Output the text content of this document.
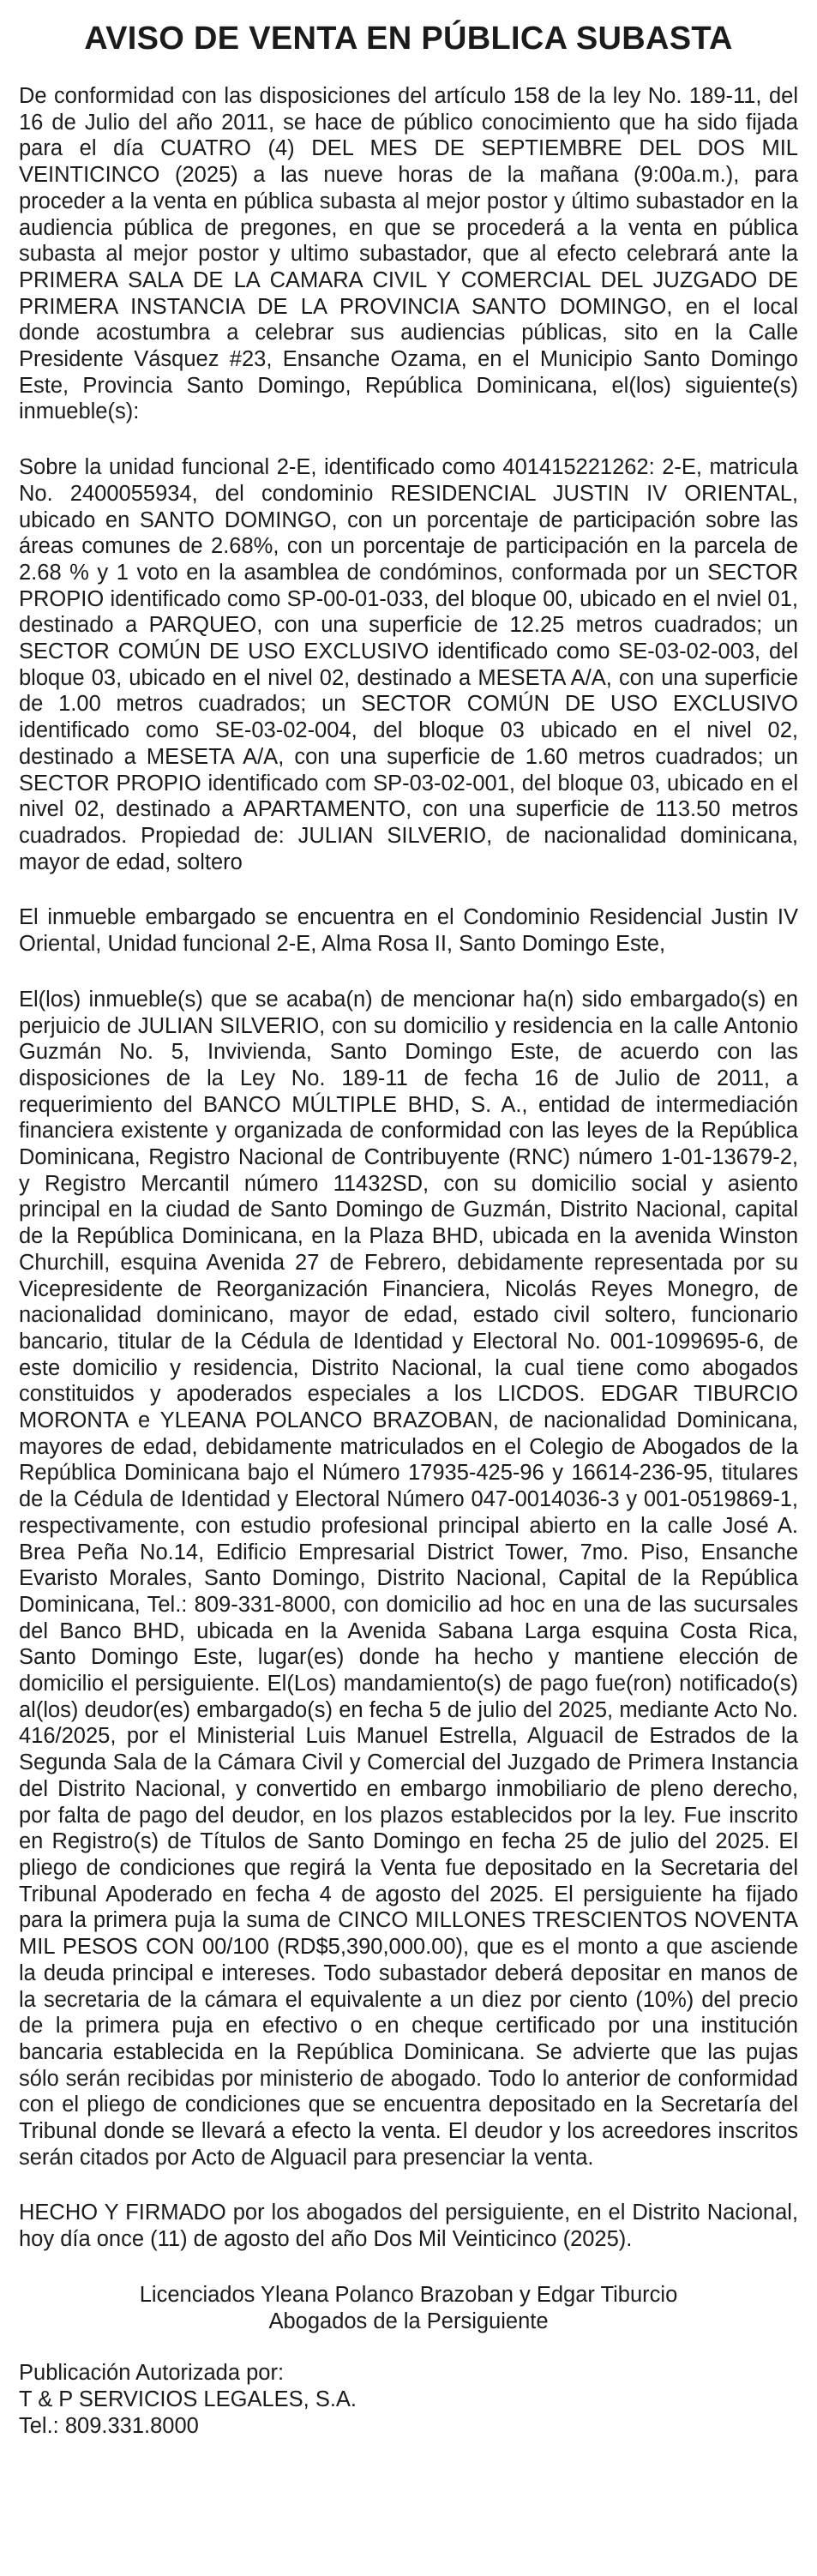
AVISO DE VENTA EN PÚBLICA SUBASTA

De conformidad con las disposiciones del artículo 158 de la ley No. 189-11, del 16 de Julio del año 2011, se hace de público conocimiento que ha sido fijada para el día CUATRO (4) DEL MES DE SEPTIEMBRE DEL DOS MIL VEINTICINCO (2025) a las nueve horas de la mañana (9:00a.m.), para proceder a la venta en pública subasta al mejor postor y último subastador en la audiencia pública de pregones, en que se procederá a la venta en pública subasta al mejor postor y ultimo subastador, que al efecto celebrará ante la PRIMERA SALA DE LA CAMARA CIVIL Y COMERCIAL DEL JUZGADO DE PRIMERA INSTANCIA DE LA PROVINCIA SANTO DOMINGO, en el local donde acostumbra a celebrar sus audiencias públicas, sito en la Calle Presidente Vásquez #23, Ensanche Ozama, en el Municipio Santo Domingo Este, Provincia Santo Domingo, República Dominicana, el(los) siguiente(s) inmueble(s):

Sobre la unidad funcional 2-E, identificado como 401415221262: 2-E, matricula No. 2400055934, del condominio RESIDENCIAL JUSTIN IV ORIENTAL, ubicado en SANTO DOMINGO, con un porcentaje de participación sobre las áreas comunes de 2.68%, con un porcentaje de participación en la parcela de 2.68 % y 1 voto en la asamblea de condóminos, conformada por un SECTOR PROPIO identificado como SP-00-01-033, del bloque 00, ubicado en el nviel 01, destinado a PARQUEO, con una superficie de 12.25 metros cuadrados; un SECTOR COMÚN DE USO EXCLUSIVO identificado como SE-03-02-003, del bloque 03, ubicado en el nivel 02, destinado a MESETA A/A, con una superficie de 1.00 metros cuadrados; un SECTOR COMÚN DE USO EXCLUSIVO identificado como SE-03-02-004, del bloque 03 ubicado en el nivel 02, destinado a MESETA A/A, con una superficie de 1.60 metros cuadrados; un SECTOR PROPIO identificado com SP-03-02-001, del bloque 03, ubicado en el nivel 02, destinado a APARTAMENTO, con una superficie de 113.50 metros cuadrados. Propiedad de: JULIAN SILVERIO, de nacionalidad dominicana, mayor de edad, soltero

El inmueble embargado se encuentra en el Condominio Residencial Justin IV Oriental, Unidad funcional 2-E, Alma Rosa II, Santo Domingo Este,

El(los) inmueble(s) que se acaba(n) de mencionar ha(n) sido embargado(s) en perjuicio de JULIAN SILVERIO, con su domicilio y residencia en la calle Antonio Guzmán No. 5, Invivienda, Santo Domingo Este, de acuerdo con las disposiciones de la Ley No. 189-11 de fecha 16 de Julio de 2011, a requerimiento del BANCO MÚLTIPLE BHD, S. A., entidad de intermediación financiera existente y organizada de conformidad con las leyes de la República Dominicana, Registro Nacional de Contribuyente (RNC) número 1-01-13679-2, y Registro Mercantil número 11432SD, con su domicilio social y asiento principal en la ciudad de Santo Domingo de Guzmán, Distrito Nacional, capital de la República Dominicana, en la Plaza BHD, ubicada en la avenida Winston Churchill, esquina Avenida 27 de Febrero, debidamente representada por su Vicepresidente de Reorganización Financiera, Nicolás Reyes Monegro, de nacionalidad dominicano, mayor de edad, estado civil soltero, funcionario bancario, titular de la Cédula de Identidad y Electoral No. 001-1099695-6, de este domicilio y residencia, Distrito Nacional, la cual tiene como abogados constituidos y apoderados especiales a los LICDOS. EDGAR TIBURCIO MORONTA e YLEANA POLANCO BRAZOBAN, de nacionalidad Dominicana, mayores de edad, debidamente matriculados en el Colegio de Abogados de la República Dominicana bajo el Número 17935-425-96 y 16614-236-95, titulares de la Cédula de Identidad y Electoral Número 047-0014036-3 y 001-0519869-1, respectivamente, con estudio profesional principal abierto en la calle José A. Brea Peña No.14, Edificio Empresarial District Tower, 7mo. Piso, Ensanche Evaristo Morales, Santo Domingo, Distrito Nacional, Capital de la República Dominicana, Tel.: 809-331-8000, con domicilio ad hoc en una de las sucursales del Banco BHD, ubicada en la Avenida Sabana Larga esquina Costa Rica, Santo Domingo Este, lugar(es) donde ha hecho y mantiene elección de domicilio el persiguiente. El(Los) mandamiento(s) de pago fue(ron) notificado(s) al(los) deudor(es) embargado(s) en fecha 5 de julio del 2025, mediante Acto No. 416/2025, por el Ministerial Luis Manuel Estrella, Alguacil de Estrados de la Segunda Sala de la Cámara Civil y Comercial del Juzgado de Primera Instancia del Distrito Nacional, y convertido en embargo inmobiliario de pleno derecho, por falta de pago del deudor, en los plazos establecidos por la ley. Fue inscrito en Registro(s) de Títulos de Santo Domingo en fecha 25 de julio del 2025. El pliego de condiciones que regirá la Venta fue depositado en la Secretaria del Tribunal Apoderado en fecha 4 de agosto del 2025. El persiguiente ha fijado para la primera puja la suma de CINCO MILLONES TRESCIENTOS NOVENTA MIL PESOS CON 00/100 (RD$5,390,000.00), que es el monto a que asciende la deuda principal e intereses. Todo subastador deberá depositar en manos de la secretaria de la cámara el equivalente a un diez por ciento (10%) del precio de la primera puja en efectivo o en cheque certificado por una institución bancaria establecida en la República Dominicana. Se advierte que las pujas sólo serán recibidas por ministerio de abogado. Todo lo anterior de conformidad con el pliego de condiciones que se encuentra depositado en la Secretaría del Tribunal donde se llevará a efecto la venta. El deudor y los acreedores inscritos serán citados por Acto de Alguacil para presenciar la venta.

HECHO Y FIRMADO por los abogados del persiguiente, en el Distrito Nacional, hoy día once (11) de agosto del año Dos Mil Veinticinco (2025).

Licenciados Yleana Polanco Brazoban y Edgar Tiburcio
Abogados de la Persiguiente
Publicación Autorizada por:
T & P SERVICIOS LEGALES, S.A.
Tel.: 809.331.8000
